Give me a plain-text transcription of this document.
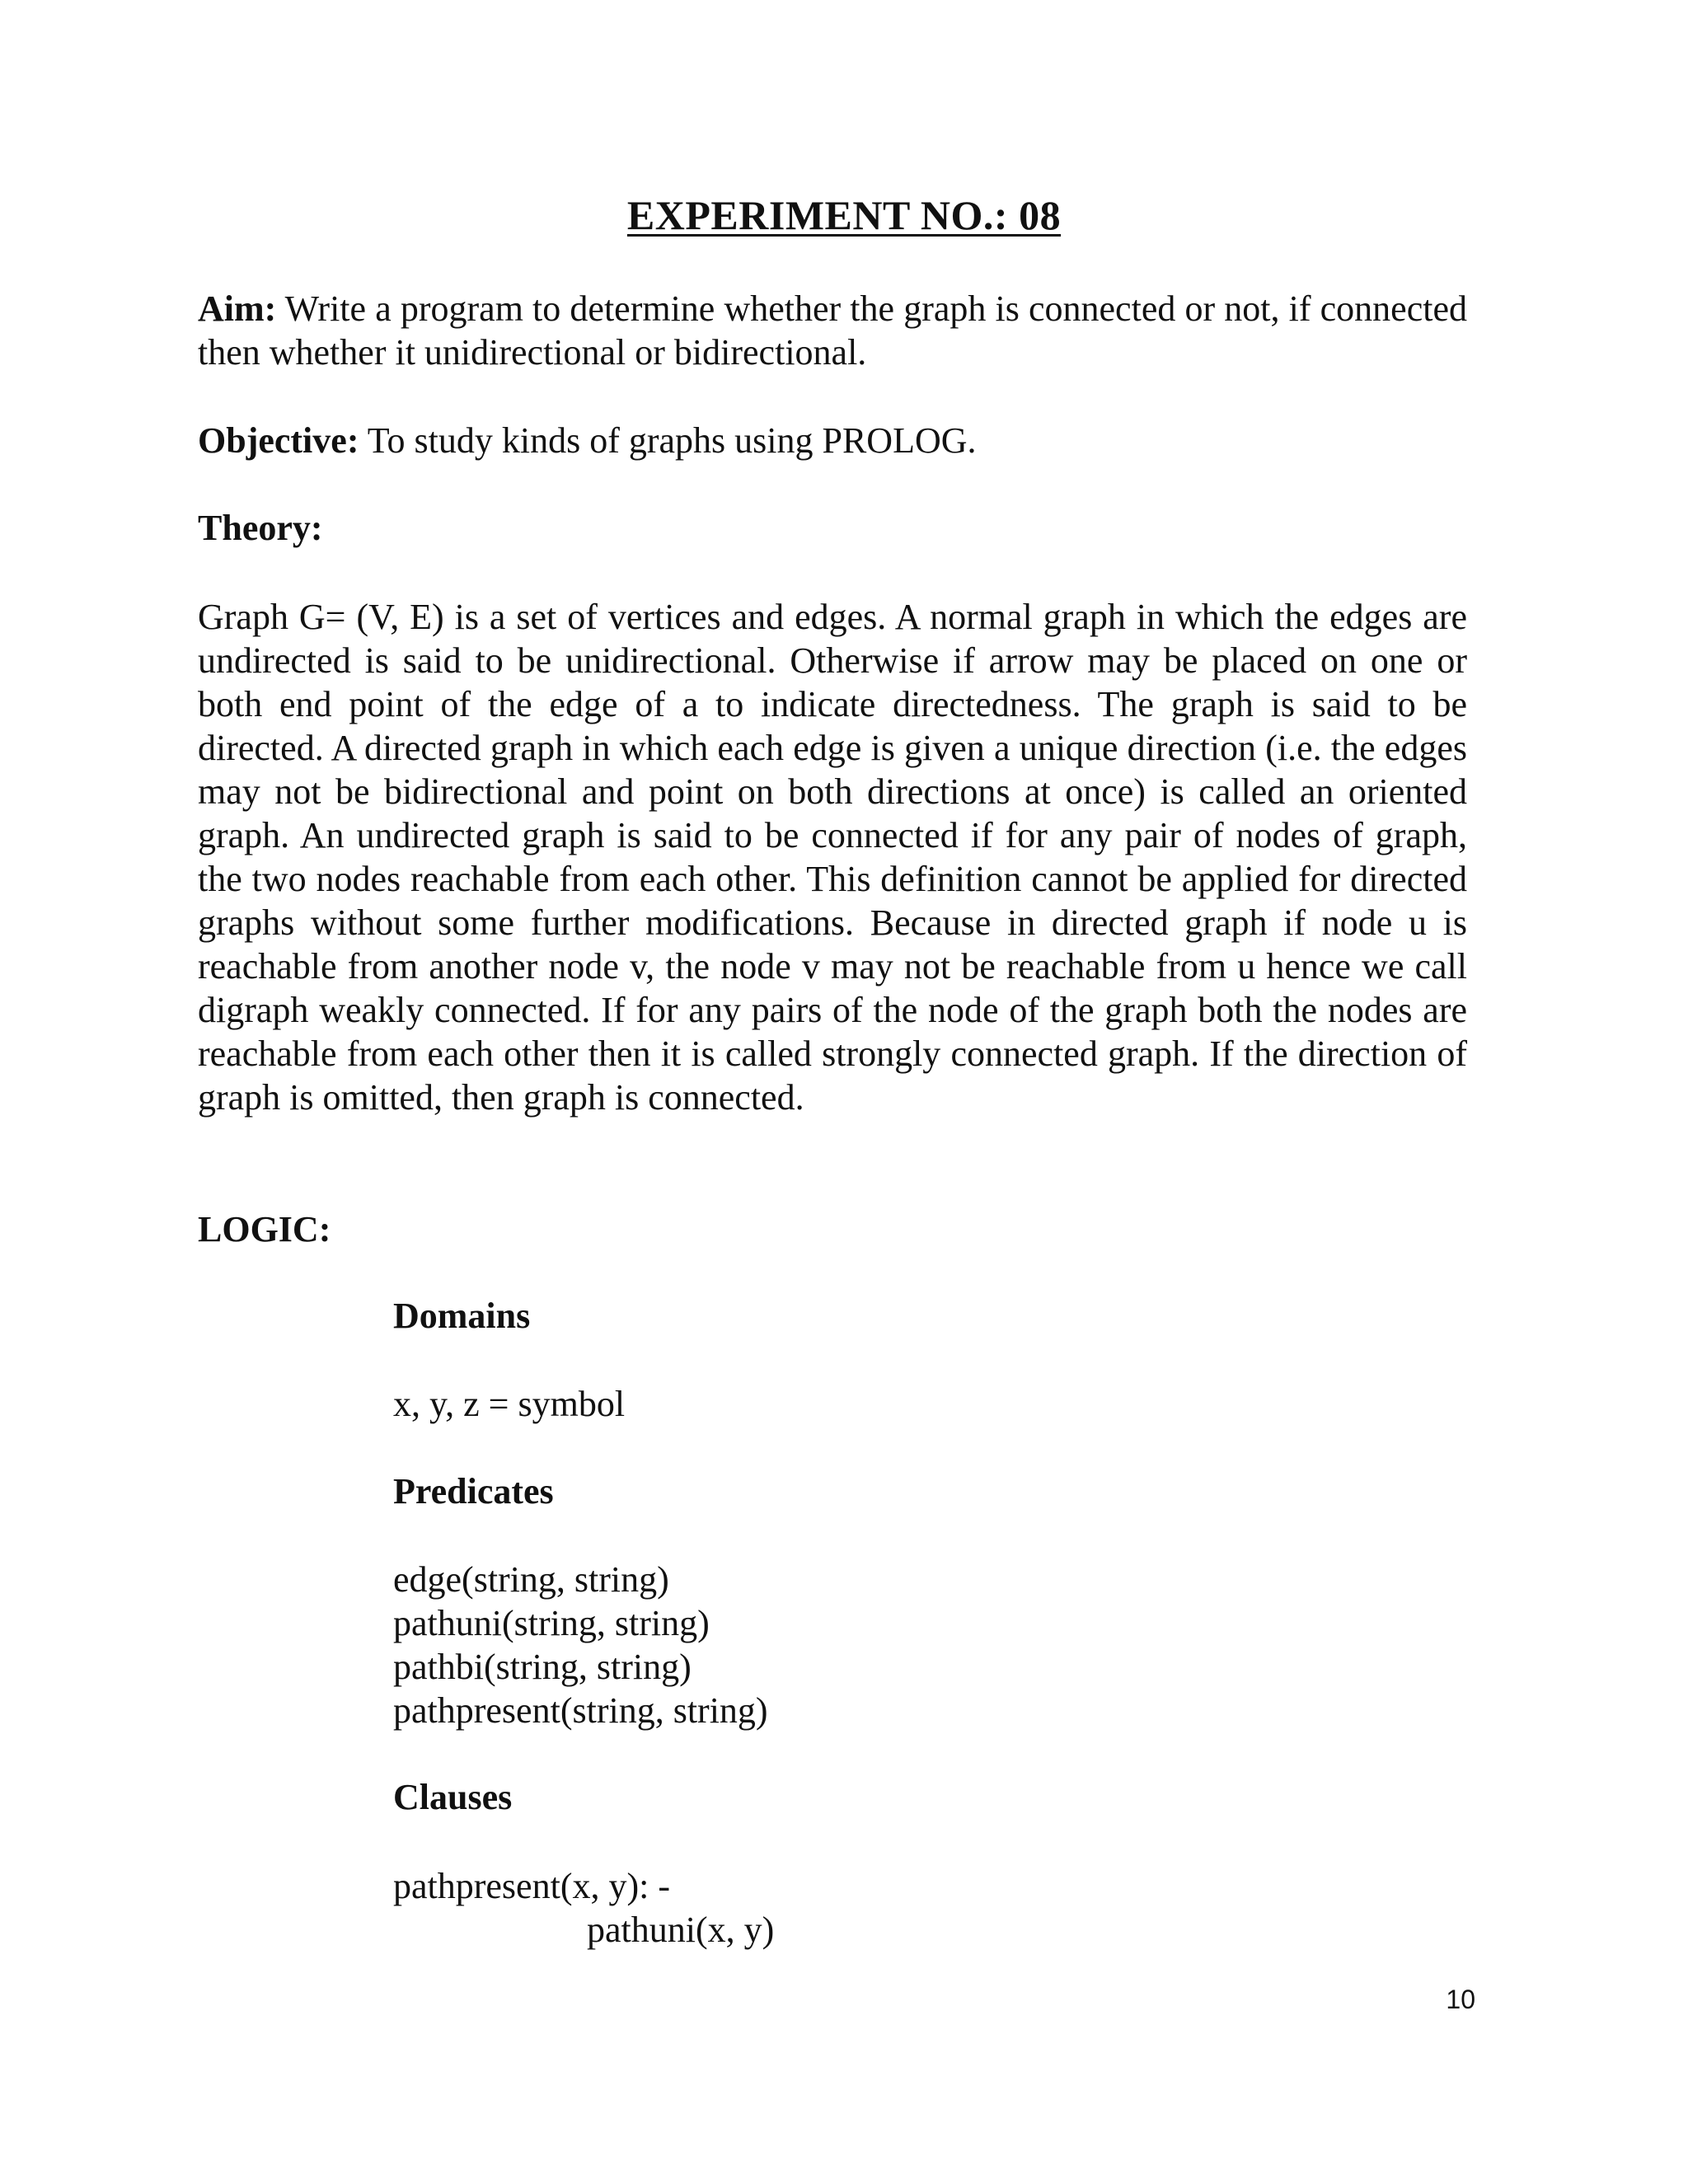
EXPERIMENT NO.: 08
Aim: Write a program to determine whether the graph is connected or not, if connected then whether it unidirectional or bidirectional.
Objective: To study kinds of graphs using PROLOG.
Theory:
Graph G= (V, E) is a set of vertices and edges. A normal graph in which the edges are undirected is said to be unidirectional. Otherwise if arrow may be placed on one or both end point of the edge of a to indicate directedness. The graph is said to be directed. A directed graph in which each edge is given a unique direction (i.e. the edges may not be bidirectional and point on both directions at once) is called an oriented graph. An undirected graph is said to be connected if for any pair of nodes of graph, the two nodes reachable from each other. This definition cannot be applied for directed graphs without some further modifications. Because in directed graph if node u is reachable from another node v, the node v may not be reachable from u hence we call digraph weakly connected. If for any pairs of the node of the graph both the nodes are reachable from each other then it is called strongly connected graph. If the direction of graph is omitted, then graph is connected.
LOGIC:
Domains
x, y, z = symbol
Predicates
edge(string, string)
pathuni(string, string)
pathbi(string, string)
pathpresent(string, string)
Clauses
pathpresent(x, y): -
pathuni(x, y)
10
